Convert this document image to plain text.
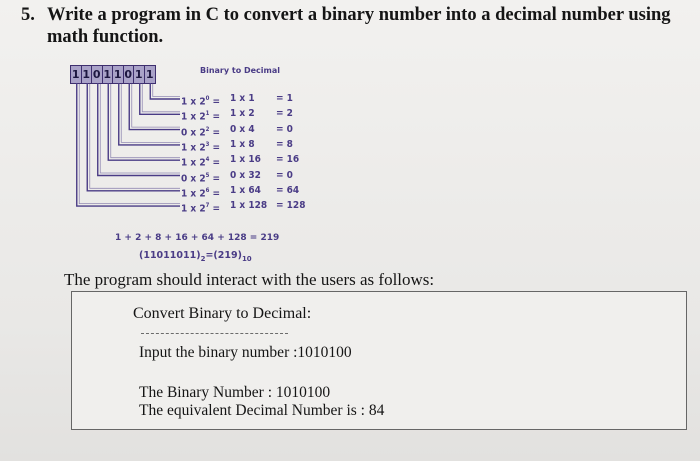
5. Write a program in C to convert a binary number into a decimal number using
math function.
1 1 0 1 1 0 1 1	Binary to Decimal
1 x $2^0 = 1$ x 1 = 1
1 x $2^1 = 1$ x 2 = 2
0 x $2^2 = 0$ x 4 = 0
1 x $2^3 = 1$ x 8 = 8
1 x $2^4 = 1$ x 16 = 16
0 x $2^5 = 0$ x 32 = 0
1 x $2^6 = 1$ x 64 = 64
1 x $2^7 = 1$ x 128 = 128
1 + 2 + 8 + 16 + 64 + 128 = 219
$(11011011)_2=(219)_{10}$
The program should interact with the users as follows:
Convert Binary to Decimal:
Input the binary number :1010100
The Binary Number : 1010100
The equivalent Decimal Number is : 84
